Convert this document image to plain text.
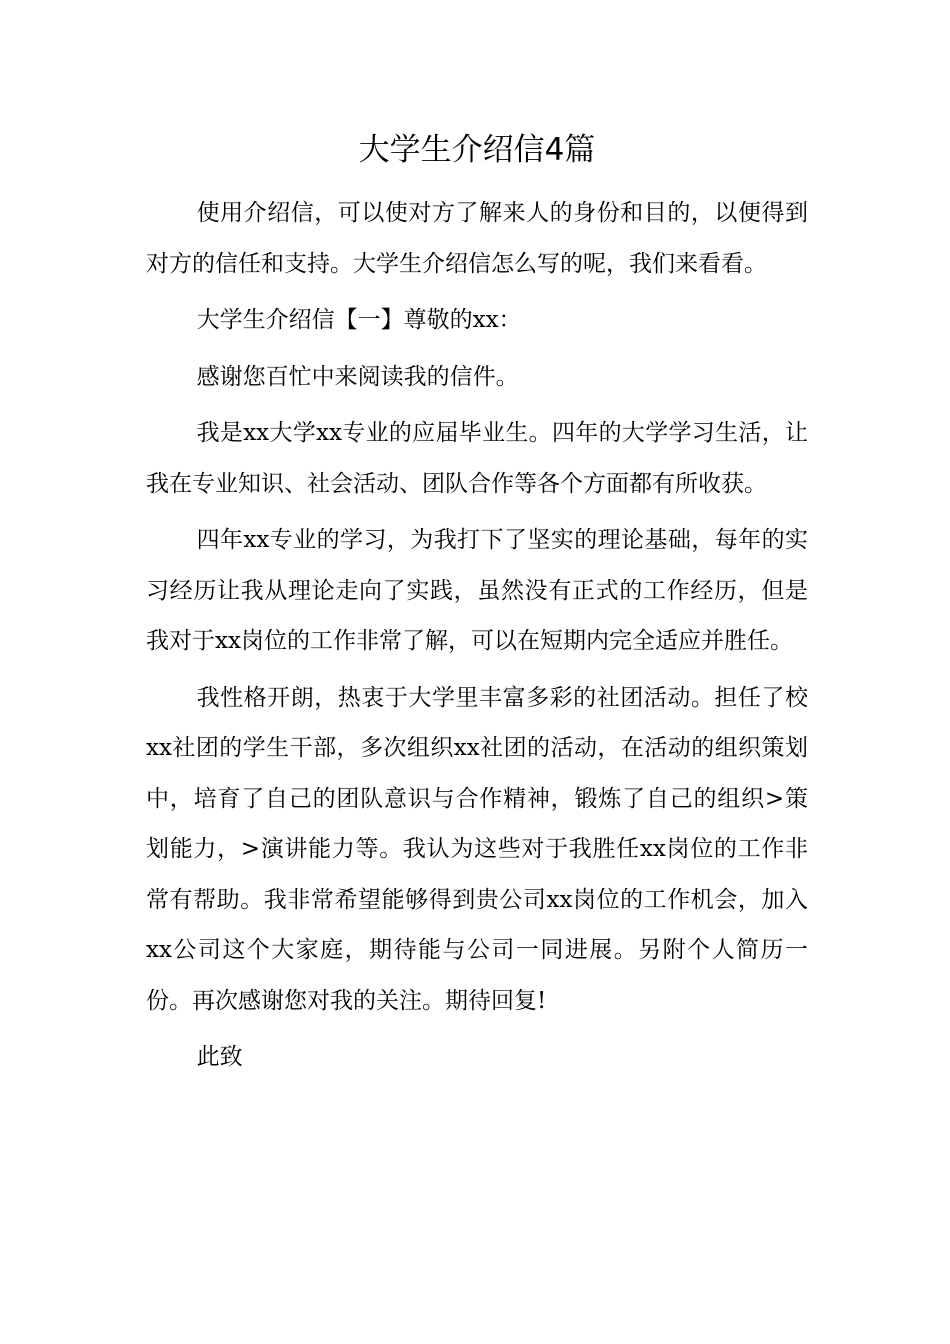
大学生介绍信4篇

使用介绍信，可以使对方了解来人的身份和目的，以便得到对方的信任和支持。大学生介绍信怎么写的呢，我们来看看。

大学生介绍信【一】尊敬的xx：

感谢您百忙中来阅读我的信件。

我是xx大学xx专业的应届毕业生。四年的大学学习生活，让我在专业知识、社会活动、团队合作等各个方面都有所收获。

四年xx专业的学习，为我打下了坚实的理论基础，每年的实习经历让我从理论走向了实践，虽然没有正式的工作经历，但是我对于xx岗位的工作非常了解，可以在短期内完全适应并胜任。

我性格开朗，热衷于大学里丰富多彩的社团活动。担任了校xx社团的学生干部，多次组织xx社团的活动，在活动的组织策划中，培育了自己的团队意识与合作精神，锻炼了自己的组织>策划能力，>演讲能力等。我认为这些对于我胜任xx岗位的工作非常有帮助。我非常希望能够得到贵公司xx岗位的工作机会，加入xx公司这个大家庭，期待能与公司一同进展。另附个人简历一份。再次感谢您对我的关注。期待回复!

此致
